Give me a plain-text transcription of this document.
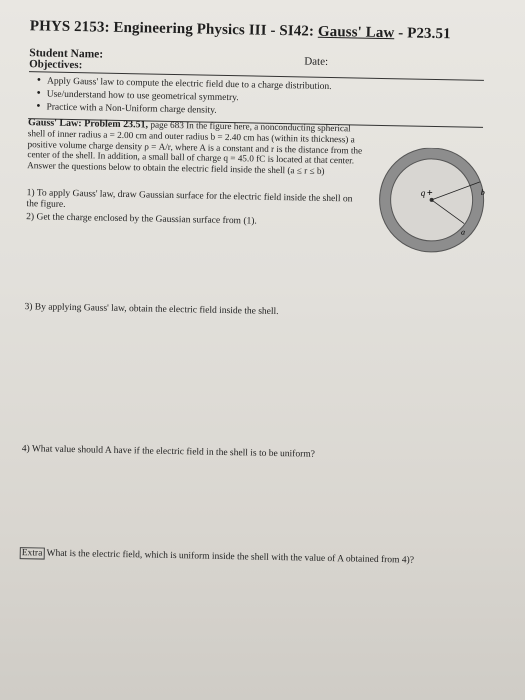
PHYS 2153: Engineering Physics III - SI42: Gauss' Law - P23.51
Student Name:
Date:
Objectives:
• Apply Gauss' law to compute the electric field due to a charge distribution.
• Use/understand how to use geometrical symmetry.
• Practice with a Non-Uniform charge density.
Gauss' Law: Problem 23.51, page 683 In the figure here, a nonconducting spherical shell of inner radius a = 2.00 cm and outer radius b = 2.40 cm has (within its thickness) a positive volume charge density ρ = A/r, where A is a constant and r is the distance from the center of the shell. In addition, a small ball of charge q = 45.0 fC is located at that center. Answer the questions below to obtain the electric field inside the shell (a ≤ r ≤ b)
1) To apply Gauss' law, draw Gaussian surface for the electric field inside the shell on the figure.
2) Get the charge enclosed by the Gaussian surface from (1).
3) By applying Gauss' law, obtain the electric field inside the shell.
4) What value should A have if the electric field in the shell is to be uniform?
Extra What is the electric field, which is uniform inside the shell with the value of A obtained from 4)?
q +	b
a
